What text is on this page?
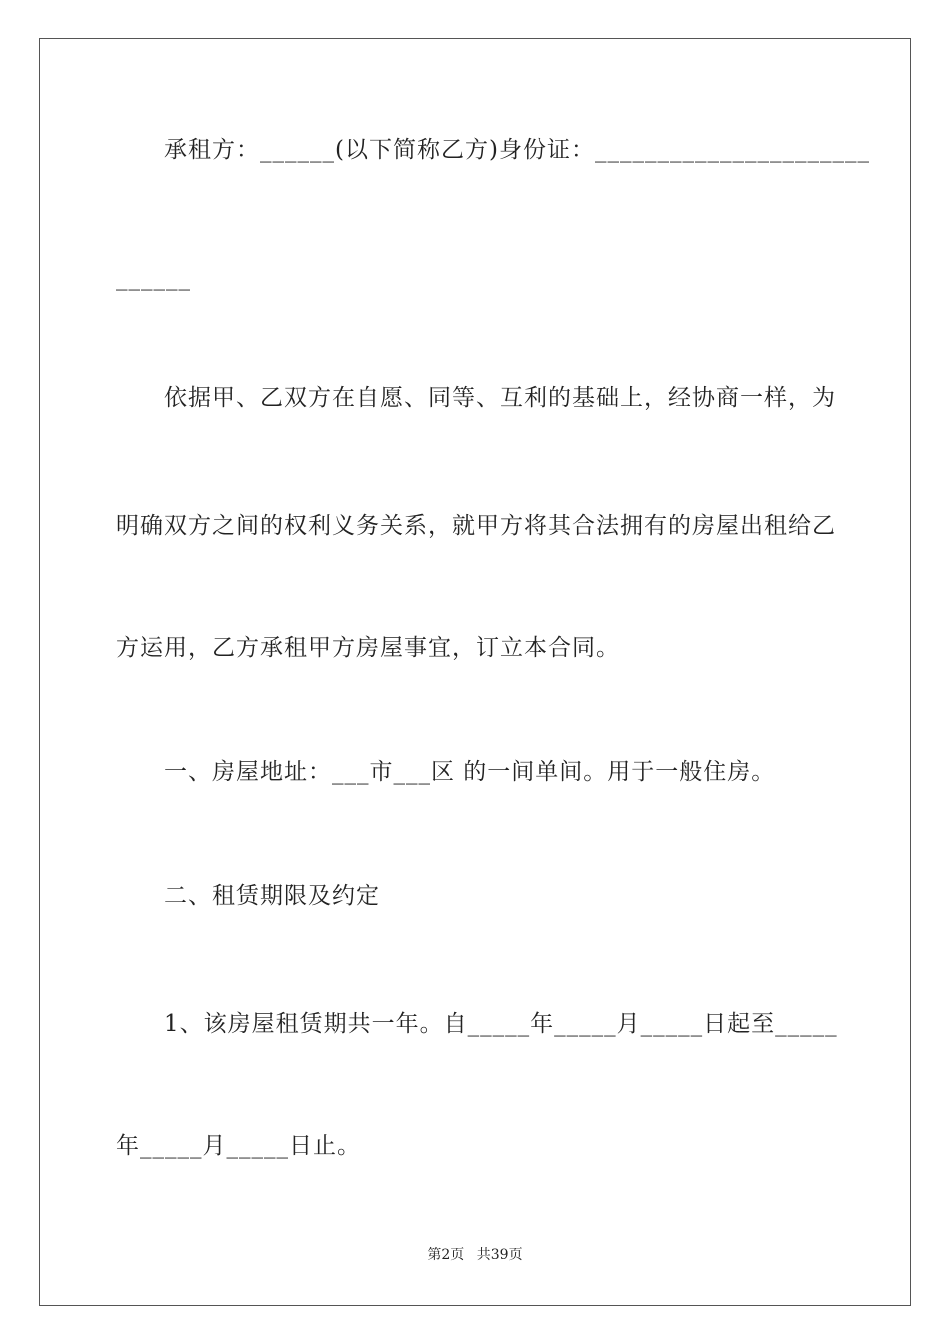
承租方：______(以下简称乙方)身份证：______________________
______
依据甲、乙双方在自愿、同等、互利的基础上，经协商一样，为
明确双方之间的权利义务关系，就甲方将其合法拥有的房屋出租给乙
方运用，乙方承租甲方房屋事宜，订立本合同。
一、房屋地址：___市___区 的一间单间。用于一般住房。
二、租赁期限及约定
1、该房屋租赁期共一年。自_____年_____月_____日起至_____
年_____月_____日止。
第2页 共39页
